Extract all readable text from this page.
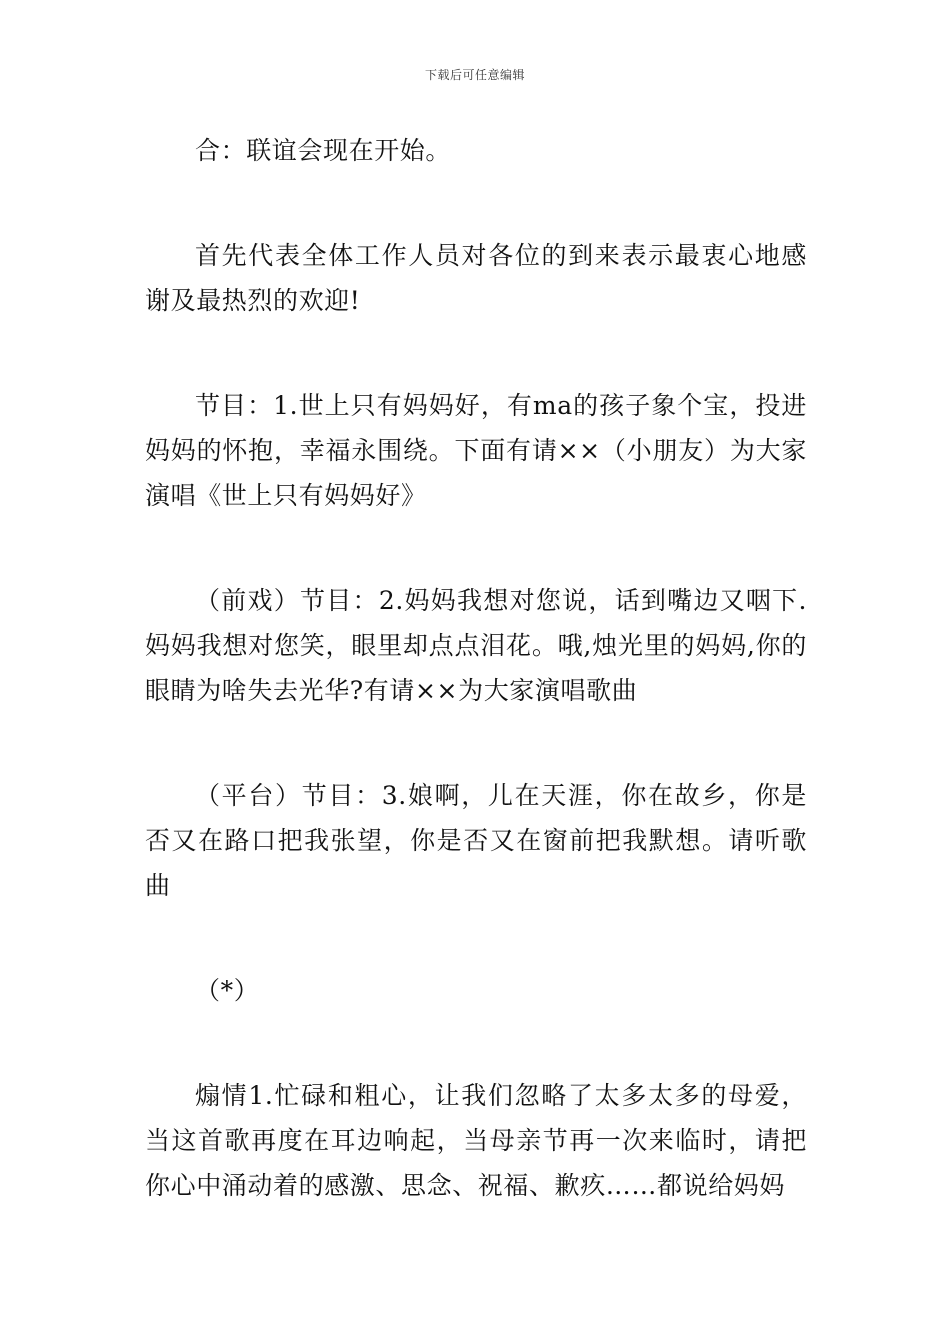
下载后可任意编辑

合：联谊会现在开始。

首先代表全体工作人员对各位的到来表示最衷心地感谢及最热烈的欢迎!

节目：1.世上只有妈妈好，有ma的孩子象个宝，投进妈妈的怀抱，幸福永围绕。下面有请××（小朋友）为大家演唱《世上只有妈妈好》

（前戏）节目：2.妈妈我想对您说，话到嘴边又咽下.妈妈我想对您笑，眼里却点点泪花。哦,烛光里的妈妈,你的眼睛为啥失去光华?有请××为大家演唱歌曲

（平台）节目：3.娘啊，儿在天涯，你在故乡，你是否又在路口把我张望，你是否又在窗前把我默想。请听歌曲

（*）

煽情1.忙碌和粗心，让我们忽略了太多太多的母爱，当这首歌再度在耳边响起，当母亲节再一次来临时，请把你心中涌动着的感激、思念、祝福、歉疚……都说给妈妈
